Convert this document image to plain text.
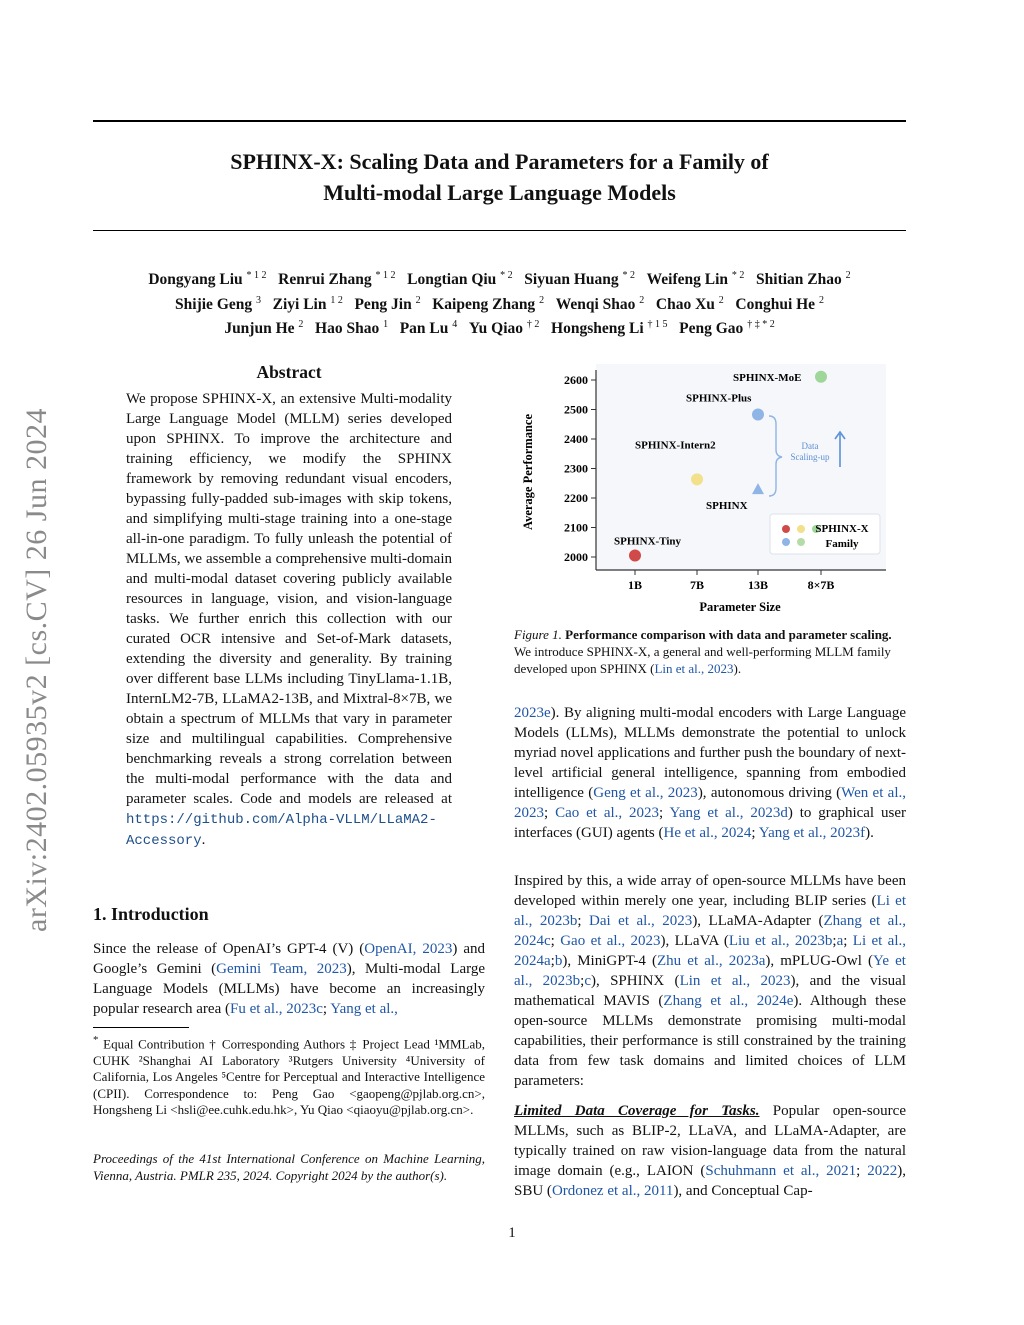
SPHINX-X: Scaling Data and Parameters for a Family of
Multi-modal Large Language Models
Dongyang Liu $^{* 1 2}$ Renrui Zhang $^{* 1 2}$ Longtian Qiu $^{* 2}$ Siyuan Huang $^{* 2}$ Weifeng Lin $^{* 2}$ Shitian Zhao $^2$
Shijie Geng $^3$ Ziyi Lin $^{1 2}$ Peng Jin $^2$ Kaipeng Zhang $^2$ Wenqi Shao $^2$ Chao Xu $^2$ Conghui He $^2$
Junjun He $^2$ Hao Shao $^1$ Pan Lu $^4$ Yu Qiao $^{\dagger 2}$ Hongsheng Li $^{\dagger 1 5}$ Peng Gao $^{\dagger \ddagger * 2}$
arXiv:2402.05935v2 [cs.CV] 26 Jun 2024
Abstract
We propose SPHINX-X, an extensive Multi-modality Large Language Model (MLLM) series developed upon SPHINX. To improve the architecture and training efficiency, we modify the SPHINX framework by removing redundant visual encoders, bypassing fully-padded sub-images with skip tokens, and simplifying multi-stage training into a one-stage all-in-one paradigm. To fully unleash the potential of MLLMs, we assemble a comprehensive multi-domain and multi-modal dataset covering publicly available resources in language, vision, and vision-language tasks. We further enrich this collection with our curated OCR intensive and Set-of-Mark datasets, extending the diversity and generality. By training over different base LLMs including TinyLlama-1.1B, InternLM2-7B, LLaMA2-13B, and Mixtral-8×7B, we obtain a spectrum of MLLMs that vary in parameter size and multilingual capabilities. Comprehensive benchmarking reveals a strong correlation between the multi-modal performance with the data and parameter scales. Code and models are released at https://github.com/Alpha-VLLM/LLaMA2-Accessory.
1. Introduction
Since the release of OpenAI’s GPT-4 (V) (OpenAI, 2023) and Google’s Gemini (Gemini Team, 2023), Multi-modal Large Language Models (MLLMs) have become an increasingly popular research area (Fu et al., 2023c; Yang et al.,
* Equal Contribution † Corresponding Authors ‡ Project Lead ¹MMLab, CUHK ²Shanghai AI Laboratory ³Rutgers University ⁴University of California, Los Angeles ⁵Centre for Perceptual and Interactive Intelligence (CPII). Correspondence to: Peng Gao <gaopeng@pjlab.org.cn>, Hongsheng Li <hsli@ee.cuhk.edu.hk>, Yu Qiao <qiaoyu@pjlab.org.cn>.
Proceedings of the 41st International Conference on Machine Learning, Vienna, Austria. PMLR 235, 2024. Copyright 2024 by the author(s).
2000
2100
2200
2300
2400
2500
2600
1B	7B	13B	8×7B
Average Performance
Parameter Size
SPHINX-Tiny
SPHINX-Intern2
SPHINX-Plus
SPHINX
SPHINX-MoE
Data
Scaling-up
SPHINX-X
Family
Figure 1. Performance comparison with data and parameter scaling. We introduce SPHINX-X, a general and well-performing MLLM family developed upon SPHINX (Lin et al., 2023).
2023e). By aligning multi-modal encoders with Large Language Models (LLMs), MLLMs demonstrate the potential to unlock myriad novel applications and further push the boundary of next-level artificial general intelligence, spanning from embodied intelligence (Geng et al., 2023), autonomous driving (Wen et al., 2023; Cao et al., 2023; Yang et al., 2023d) to graphical user interfaces (GUI) agents (He et al., 2024; Yang et al., 2023f).
Inspired by this, a wide array of open-source MLLMs have been developed within merely one year, including BLIP series (Li et al., 2023b; Dai et al., 2023), LLaMA-Adapter (Zhang et al., 2024c; Gao et al., 2023), LLaVA (Liu et al., 2023b;a; Li et al., 2024a;b), MiniGPT-4 (Zhu et al., 2023a), mPLUG-Owl (Ye et al., 2023b;c), SPHINX (Lin et al., 2023), and the visual mathematical MAVIS (Zhang et al., 2024e). Although these open-source MLLMs demonstrate promising multi-modal capabilities, their performance is still constrained by the training data from few task domains and limited choices of LLM parameters:
Limited Data Coverage for Tasks. Popular open-source MLLMs, such as BLIP-2, LLaVA, and LLaMA-Adapter, are typically trained on raw vision-language data from the natural image domain (e.g., LAION (Schuhmann et al., 2021; 2022), SBU (Ordonez et al., 2011), and Conceptual Cap-
1
